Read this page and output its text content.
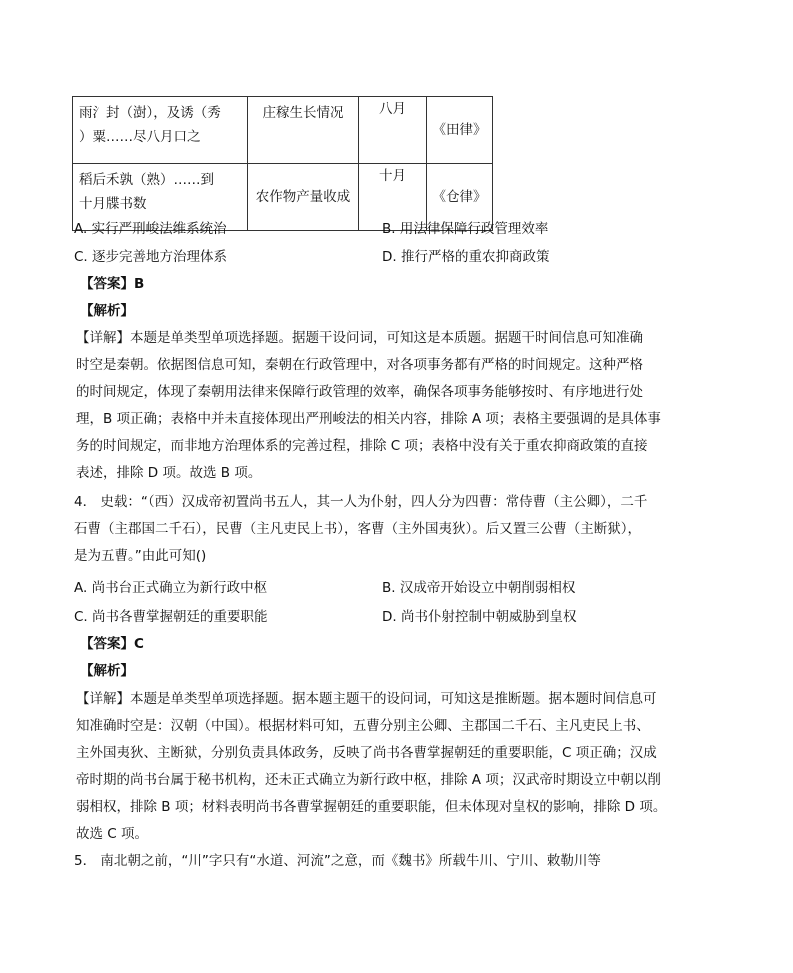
雨氵封（澍），及诱（秀
）粟……尽八月口之	庄稼生长情况	八月	《田律》

稻后禾孰（熟）……到
十月牒书数	农作物产量收成	十月	《仓律》
A. 实行严刑峻法维系统治	B. 用法律保障行政管理效率
C. 逐步完善地方治理体系	D. 推行严格的重农抑商政策
【答案】B
【解析】

【详解】本题是单类型单项选择题。据题干设问词，可知这是本质题。据题干时间信息可知准确

时空是秦朝。依据图信息可知，秦朝在行政管理中，对各项事务都有严格的时间规定。这种严格

的时间规定，体现了秦朝用法律来保障行政管理的效率，确保各项事务能够按时、有序地进行处

理，B 项正确；表格中并未直接体现出严刑峻法的相关内容，排除 A 项；表格主要强调的是具体事

务的时间规定，而非地方治理体系的完善过程，排除 C 项；表格中没有关于重农抑商政策的直接

表述，排除 D 项。故选 B 项。

4． 史载：“（西）汉成帝初置尚书五人，其一人为仆射，四人分为四曹：常侍曹（主公卿），二千

石曹（主郡国二千石），民曹（主凡吏民上书），客曹（主外国夷狄）。后又置三公曹（主断狱），

是为五曹。”由此可知()

A. 尚书台正式确立为新行政中枢	B. 汉成帝开始设立中朝削弱相权
C. 尚书各曹掌握朝廷的重要职能	D. 尚书仆射控制中朝威胁到皇权
【答案】C
【解析】

【详解】本题是单类型单项选择题。据本题主题干的设问词，可知这是推断题。据本题时间信息可

知准确时空是：汉朝（中国）。根据材料可知，五曹分别主公卿、主郡国二千石、主凡吏民上书、

主外国夷狄、主断狱，分别负责具体政务，反映了尚书各曹掌握朝廷的重要职能，C 项正确；汉成

帝时期的尚书台属于秘书机构，还未正式确立为新行政中枢，排除 A 项；汉武帝时期设立中朝以削

弱相权，排除 B 项；材料表明尚书各曹掌握朝廷的重要职能，但未体现对皇权的影响，排除 D 项。

故选 C 项。

5． 南北朝之前，“川”字只有“水道、河流”之意，而《魏书》所载牛川、宁川、敕勒川等
